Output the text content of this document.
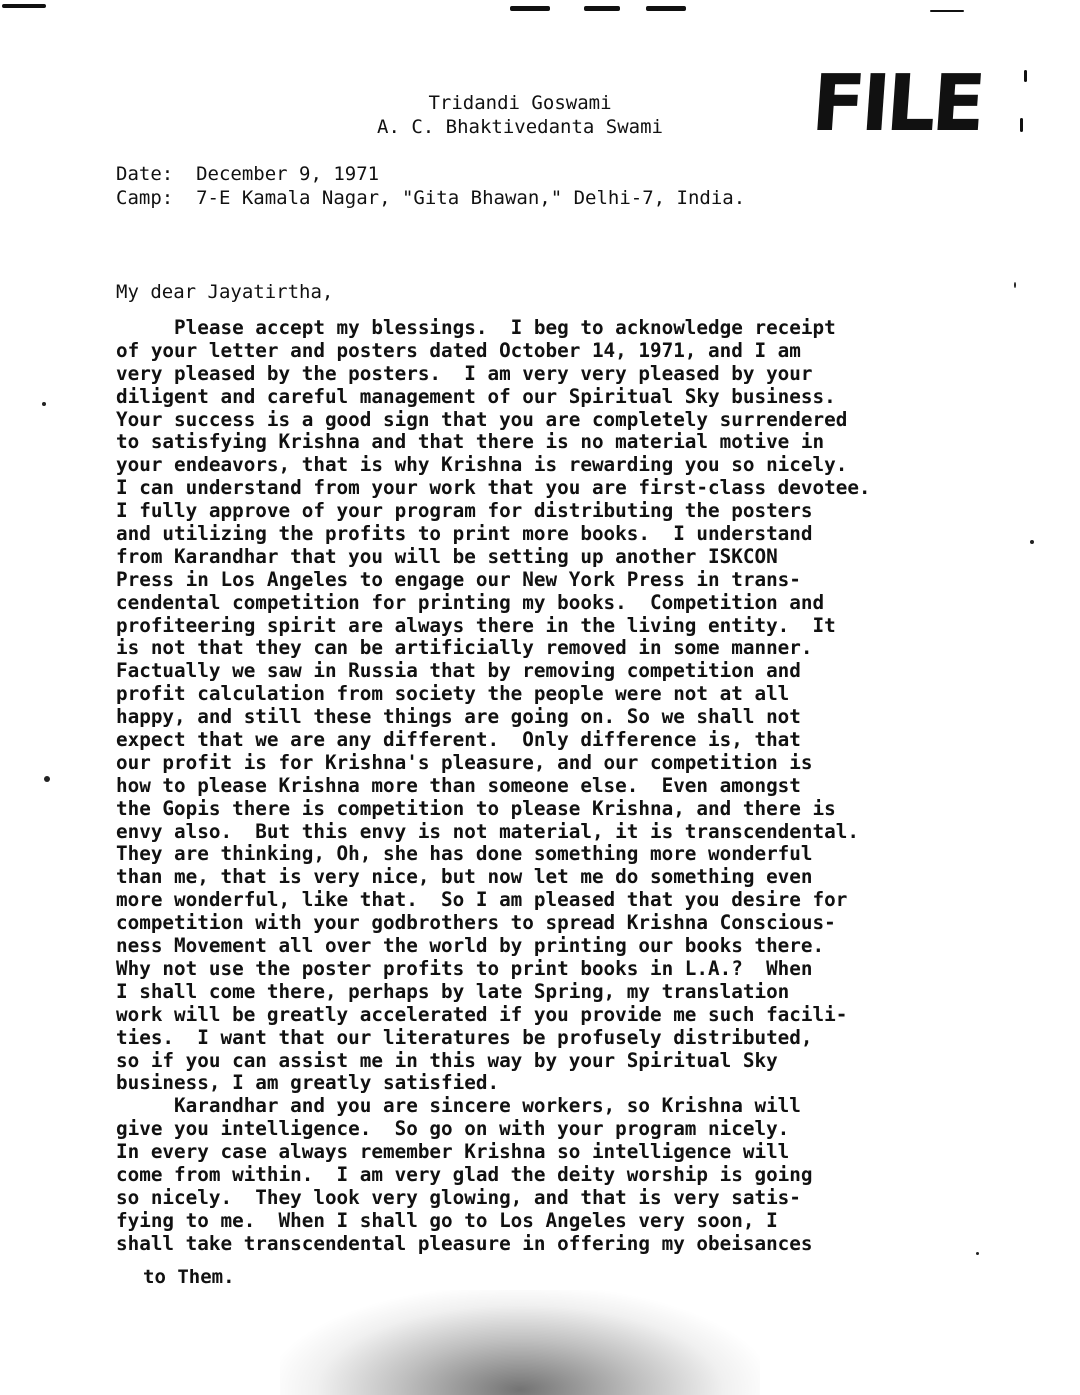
Tridandi Goswami
A. C. Bhaktivedanta Swami	FILE
Date: December 9, 1971
Camp: 7-E Kamala Nagar, "Gita Bhawan," Delhi-7, India.
My dear Jayatirtha,
Please accept my blessings.  I beg to acknowledge receipt
of your letter and posters dated October 14, 1971, and I am
very pleased by the posters.  I am very very pleased by your
diligent and careful management of our Spiritual Sky business.
Your success is a good sign that you are completely surrendered
to satisfying Krishna and that there is no material motive in
your endeavors, that is why Krishna is rewarding you so nicely.
I can understand from your work that you are first-class devotee.
I fully approve of your program for distributing the posters
and utilizing the profits to print more books.  I understand
from Karandhar that you will be setting up another ISKCON
Press in Los Angeles to engage our New York Press in trans-
cendental competition for printing my books.  Competition and
profiteering spirit are always there in the living entity.  It
is not that they can be artificially removed in some manner.
Factually we saw in Russia that by removing competition and
profit calculation from society the people were not at all
happy, and still these things are going on. So we shall not
expect that we are any different.  Only difference is, that
our profit is for Krishna's pleasure, and our competition is
how to please Krishna more than someone else.  Even amongst
the Gopis there is competition to please Krishna, and there is
envy also.  But this envy is not material, it is transcendental.
They are thinking, Oh, she has done something more wonderful
than me, that is very nice, but now let me do something even
more wonderful, like that.  So I am pleased that you desire for
competition with your godbrothers to spread Krishna Conscious-
ness Movement all over the world by printing our books there.
Why not use the poster profits to print books in L.A.?  When
I shall come there, perhaps by late Spring, my translation
work will be greatly accelerated if you provide me such facili-
ties.  I want that our literatures be profusely distributed,
so if you can assist me in this way by your Spiritual Sky
business, I am greatly satisfied.
Karandhar and you are sincere workers, so Krishna will
give you intelligence.  So go on with your program nicely.
In every case always remember Krishna so intelligence will
come from within.  I am very glad the deity worship is going
so nicely.  They look very glowing, and that is very satis-
fying to me.  When I shall go to Los Angeles very soon, I
shall take transcendental pleasure in offering my obeisances
to Them.
